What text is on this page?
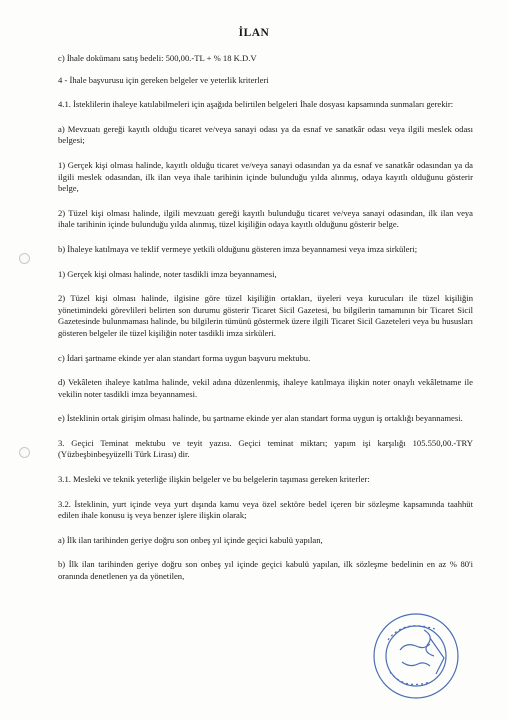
İLAN

c) İhale dokümanı satış bedeli: 500,00.-TL + % 18 K.D.V

4 - İhale başvurusu için gereken belgeler ve yeterlik kriterleri

4.1. İsteklilerin ihaleye katılabilmeleri için aşağıda belirtilen belgeleri İhale dosyası kapsamında sunmaları gerekir:

a) Mevzuatı gereği kayıtlı olduğu ticaret ve/veya sanayi odası ya da esnaf ve sanatkâr odası veya ilgili meslek odası belgesi;

1) Gerçek kişi olması halinde, kayıtlı olduğu ticaret ve/veya sanayi odasından ya da esnaf ve sanatkâr odasından ya da ilgili meslek odasından, ilk ilan veya ihale tarihinin içinde bulunduğu yılda alınmış, odaya kayıtlı olduğunu gösterir belge,

2) Tüzel kişi olması halinde, ilgili mevzuatı gereği kayıtlı bulunduğu ticaret ve/veya sanayi odasından, ilk ilan veya ihale tarihinin içinde bulunduğu yılda alınmış, tüzel kişiliğin odaya kayıtlı olduğunu gösterir belge.

b) İhaleye katılmaya ve teklif vermeye yetkili olduğunu gösteren imza beyannamesi veya imza sirküleri;

1) Gerçek kişi olması halinde, noter tasdikli imza beyannamesi,

2) Tüzel kişi olması halinde, ilgisine göre tüzel kişiliğin ortakları, üyeleri veya kurucuları ile tüzel kişiliğin yönetimindeki görevlileri belirten son durumu gösterir Ticaret Sicil Gazetesi, bu bilgilerin tamamının bir Ticaret Sicil Gazetesinde bulunmaması halinde, bu bilgilerin tümünü göstermek üzere ilgili Ticaret Sicil Gazeteleri veya bu hususları gösteren belgeler ile tüzel kişiliğin noter tasdikli imza sirküleri.

c) İdari şartname ekinde yer alan standart forma uygun başvuru mektubu.

d) Vekâleten ihaleye katılma halinde, vekil adına düzenlenmiş, ihaleye katılmaya ilişkin noter onaylı vekâletname ile vekilin noter tasdikli imza beyannamesi.

e) İsteklinin ortak girişim olması halinde, bu şartname ekinde yer alan standart forma uygun iş ortaklığı beyannamesi.

3. Geçici Teminat mektubu ve teyit yazısı. Geçici teminat miktarı; yapım işi karşılığı 105.550,00.-TRY (Yüzbeşbinbeşyüzelli Türk Lirası) dir.

3.1. Mesleki ve teknik yeterliğe ilişkin belgeler ve bu belgelerin taşıması gereken kriterler:

3.2. İsteklinin, yurt içinde veya yurt dışında kamu veya özel sektöre bedel içeren bir sözleşme kapsamında taahhüt edilen ihale konusu iş veya benzer işlere ilişkin olarak;

a) İlk ilan tarihinden geriye doğru son onbeş yıl içinde geçici kabulü yapılan,

b) İlk ilan tarihinden geriye doğru son onbeş yıl içinde geçici kabulü yapılan, ilk sözleşme bedelinin en az % 80'i oranında denetlenen ya da yönetilen,
